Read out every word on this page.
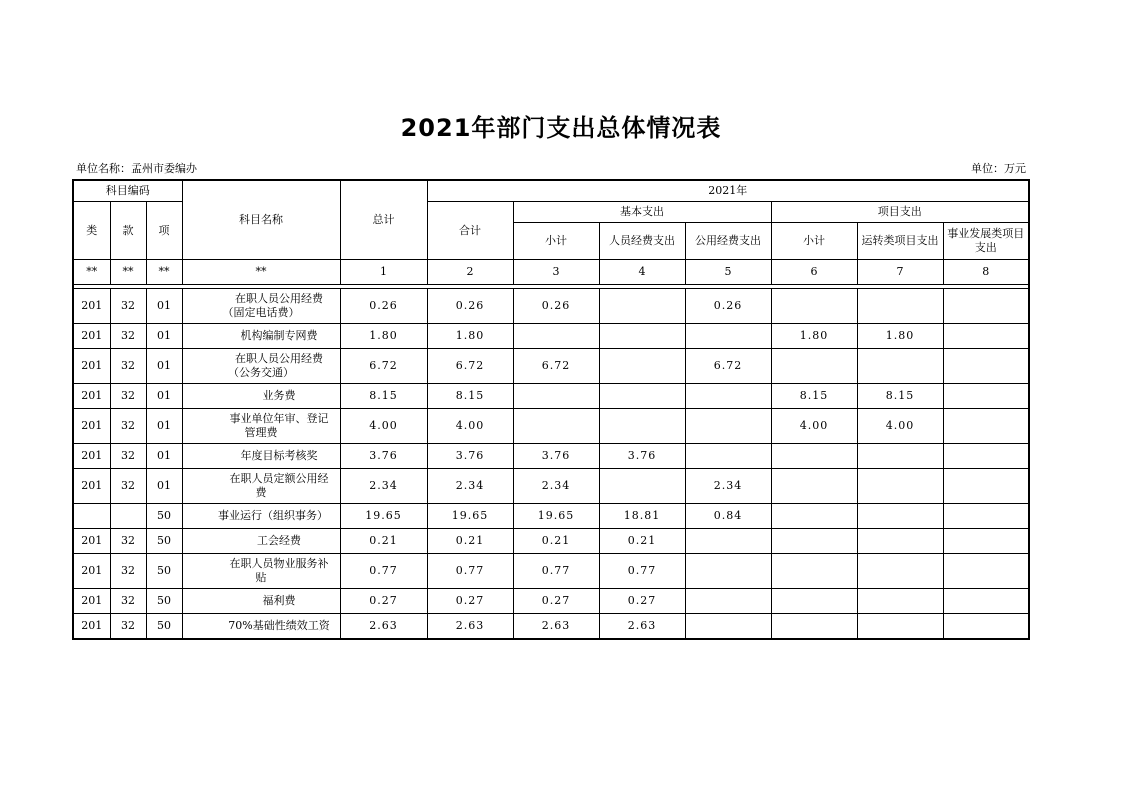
2021年部门支出总体情况表
单位名称：孟州市委编办	单位：万元
科目编码			科目名称	总计	2021年						
类	款	项			合计	基本支出			项目支出		
						小计	人员经费支出	公用经费支出	小计	运转类项目支出	事业发展类项目支出
**	**	**	**	1	2	3	4	5	6	7	8

201	32	01	在职人员公用经费
（固定电话费）	0.26	0.26	0.26		0.26			
201	32	01	机构编制专网费	1.80	1.80				1.80	1.80	
201	32	01	在职人员公用经费
（公务交通）	6.72	6.72	6.72		6.72			
201	32	01	业务费	8.15	8.15				8.15	8.15	
201	32	01	事业单位年审、登记
管理费	4.00	4.00				4.00	4.00	
201	32	01	年度目标考核奖	3.76	3.76	3.76	3.76				
201	32	01	在职人员定额公用经
费	2.34	2.34	2.34		2.34			
		50	事业运行（组织事务）	19.65	19.65	19.65	18.81	0.84			
201	32	50	工会经费	0.21	0.21	0.21	0.21				
201	32	50	在职人员物业服务补
贴	0.77	0.77	0.77	0.77				
201	32	50	福利费	0.27	0.27	0.27	0.27				
201	32	50	70%基础性绩效工资	2.63	2.63	2.63	2.63				
